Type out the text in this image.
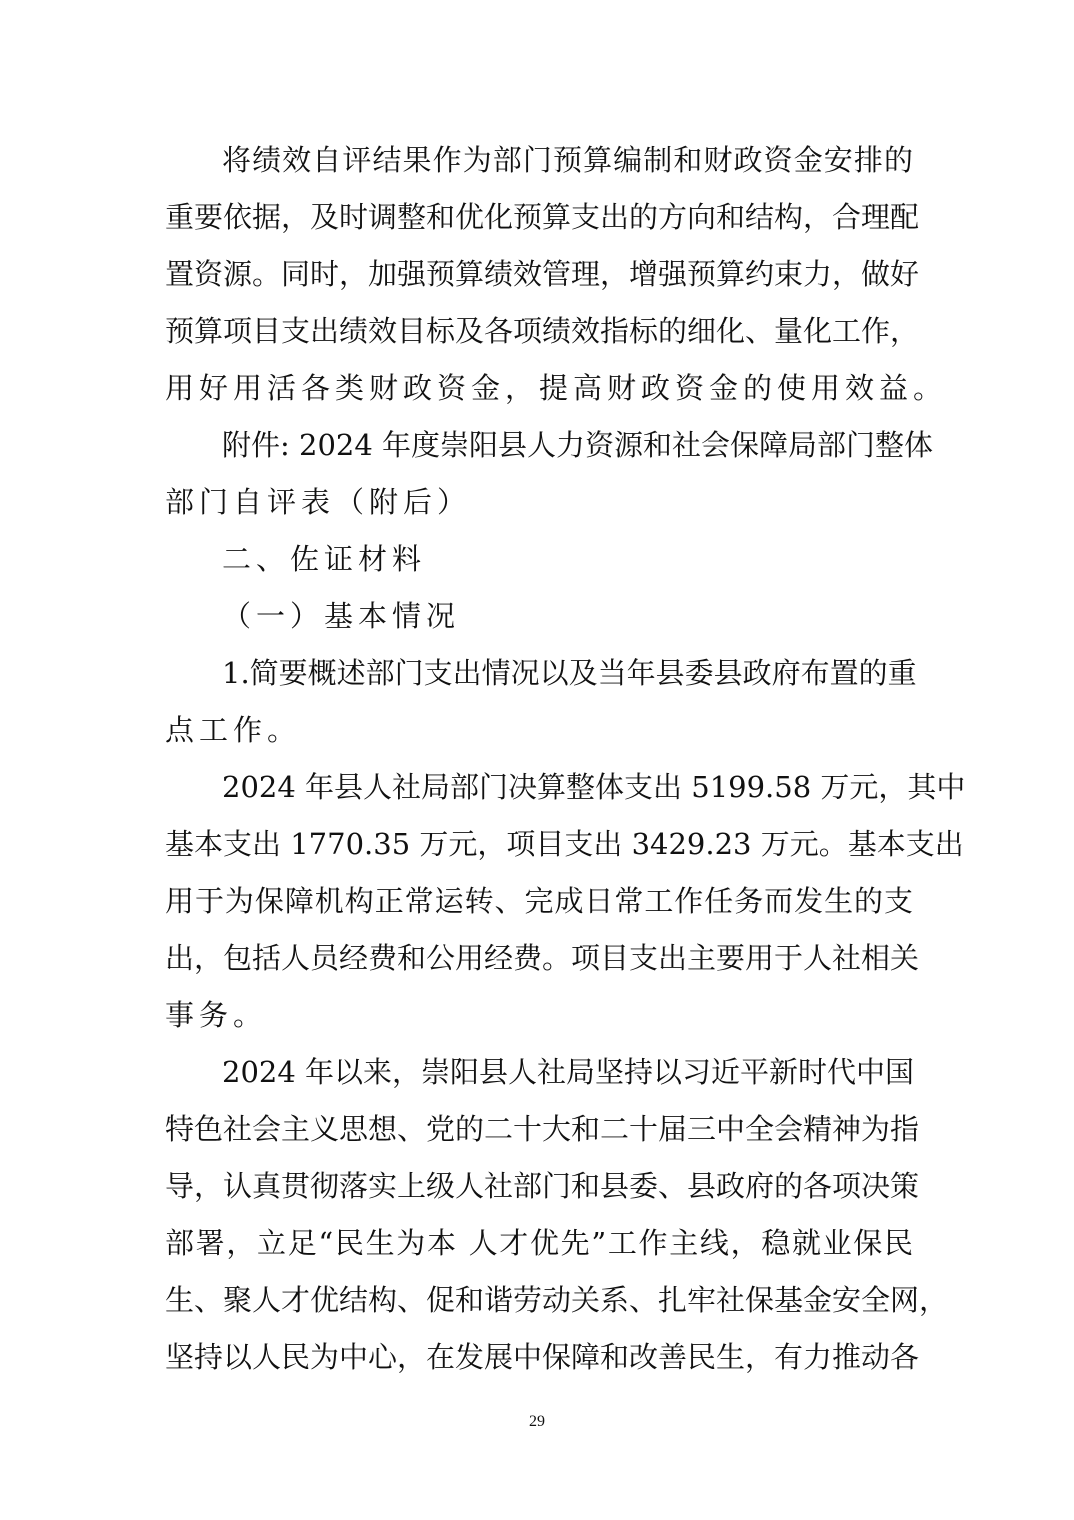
将绩效自评结果作为部门预算编制和财政资金安排的
重要依据，及时调整和优化预算支出的方向和结构，合理配
置资源。同时，加强预算绩效管理，增强预算约束力，做好
预算项目支出绩效目标及各项绩效指标的细化、量化工作，
用好用活各类财政资金，提高财政资金的使用效益。
附件: 2024 年度崇阳县人力资源和社会保障局部门整体
部门自评表（附后）
二、佐证材料
（一）基本情况
1.简要概述部门支出情况以及当年县委县政府布置的重
点工作。
2024 年县人社局部门决算整体支出 5199.58 万元，其中
基本支出 1770.35 万元，项目支出 3429.23 万元。基本支出
用于为保障机构正常运转、完成日常工作任务而发生的支
出，包括人员经费和公用经费。项目支出主要用于人社相关
事务。
2024 年以来，崇阳县人社局坚持以习近平新时代中国
特色社会主义思想、党的二十大和二十届三中全会精神为指
导，认真贯彻落实上级人社部门和县委、县政府的各项决策
部署，立足“民生为本 人才优先”工作主线，稳就业保民
生、聚人才优结构、促和谐劳动关系、扎牢社保基金安全网，
坚持以人民为中心，在发展中保障和改善民生，有力推动各
29
